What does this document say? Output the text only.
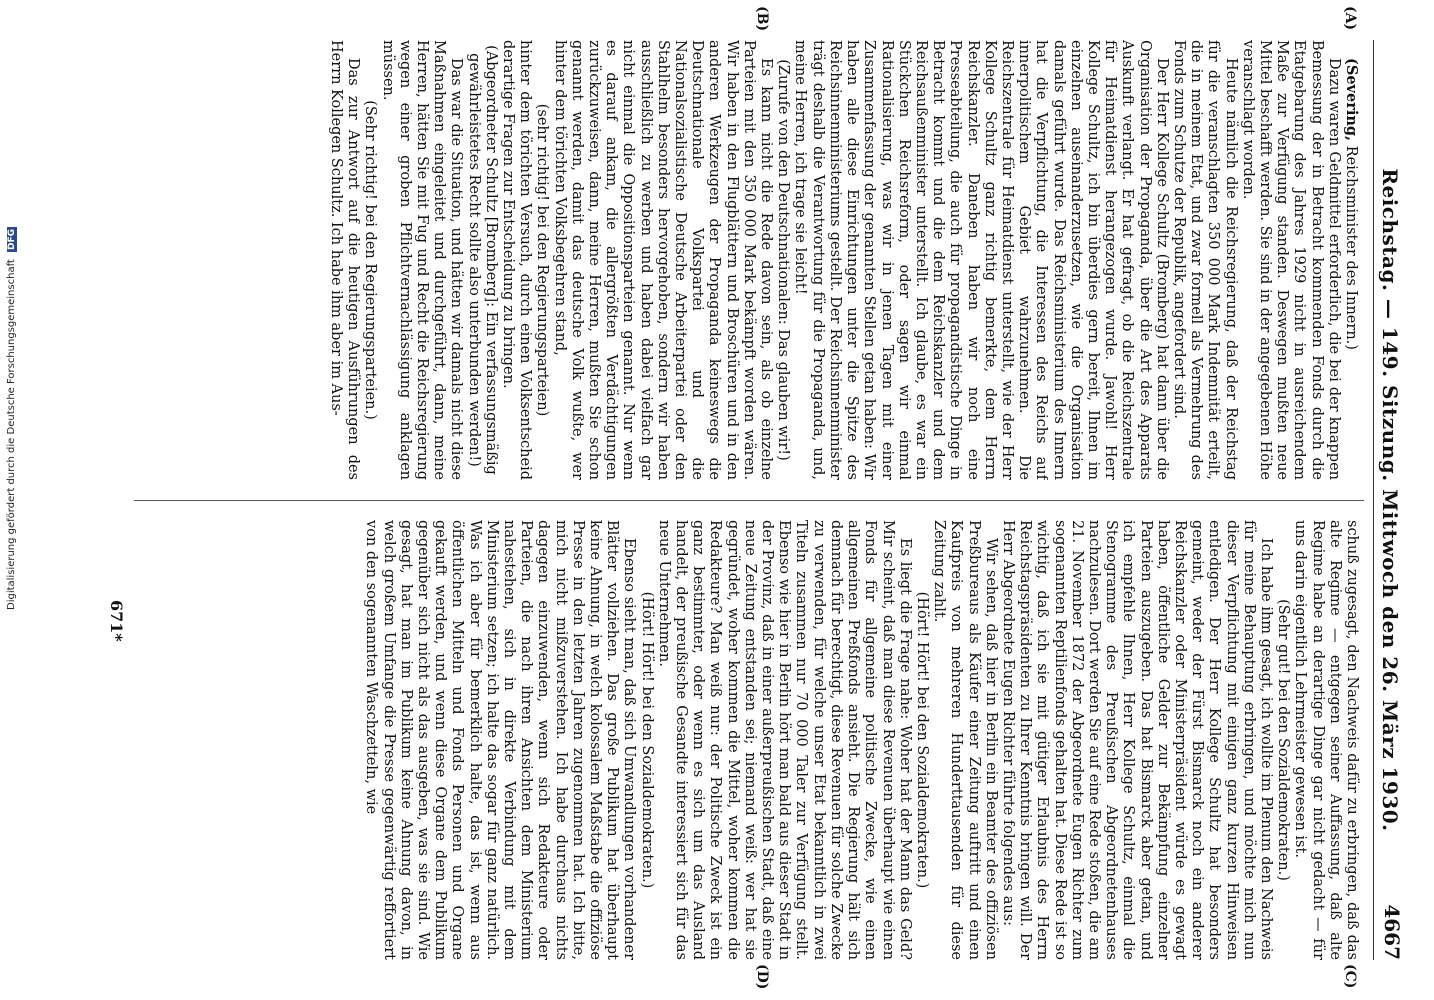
Reichstag. — 149. Sitzung. Mittwoch den 26. März 1930.
4667

(Severing, Reichsminister des Innern.)

Dazu waren Geldmittel erforderlich, die bei der knappen Bemessung der in Betracht kommenden Fonds durch die Etatgebarung des Jahres 1929 nicht in ausreichendem Maße zur Verfügung standen. Deswegen mußten neue Mittel beschafft werden. Sie sind in der angegebenen Höhe veranschlagt worden.

Heute nämlich die Reichsregierung, daß der Reichstag für die veranschlagten 350 000 Mark Indemnität erteilt, die in meinem Etat, und zwar formell als Vermehrung des Fonds zum Schutze der Republik, angefordert sind.

Der Herr Kollege Schultz (Bromberg) hat dann über die Organisation der Propaganda, über die Art des Apparats Auskunft verlangt. Er hat gefragt, ob die Reichszentrale für Heimatdienst herangezogen wurde. Jawohl! Herr Kollege Schultz, ich bin überdies gern bereit, Ihnen im einzelnen auseinanderzusetzen, wie die Organisation damals geführt wurde. Das Reichsministerium des Innern hat die Verpflichtung, die Interessen des Reichs auf innerpolitischem Gebiet wahrzunehmen. Die Reichszentrale für Heimatdienst unterstellt, wie der Herr Kollege Schultz ganz richtig bemerkte, dem Herrn Reichskanzler. Daneben haben wir noch eine Presseabteilung, die auch für propagandistische Dinge in Betracht kommt und die dem Reichskanzler und dem Reichsaußenminister unterstellt. Ich glaube, es war ein Stückchen Reichsreform, oder sagen wir einmal Rationalisierung, was wir in jenen Tagen mit einer Zusammenfassung der genannten Stellen getan haben: Wir haben alle diese Einrichtungen unter die Spitze des Reichsinnenministeriums gestellt. Der Reichsinnenminister trägt deshalb die Verantwortung für die Propaganda, und, meine Herren, ich trage sie leicht!

(Zurufe von den Deutschnationalen: Das glauben wir!)

Es kann nicht die Rede davon sein, als ob einzelne Parteien mit den 350 000 Mark bekämpft worden wären. Wir haben in den Flugblättern und Broschüren und in den anderen Werkzeugen der Propaganda keineswegs die Deutschnationale Volkspartei und die Nationalsozialistische Deutsche Arbeiterpartei oder den Stahlhelm besonders hervorgehoben, sondern wir haben ausschließlich zu werben und haben dabei vielfach gar nicht einmal die Oppositionsparteien genannt. Nur wenn es darauf ankam, die allergrößten Verdächtigungen zurückzuweisen, dann, meine Herren, mußten Sie schon genannt werden, damit das deutsche Volk wußte, wer hinter dem törichten Volksbegehren stand,

(sehr richtig! bei den Regierungsparteien)

hinter dem törichten Versuch, durch einen Volksentscheid derartige Fragen zur Entscheidung zu bringen.

(Abgeordneter Schultz [Bromberg]: Ein verfassungsmäßig gewährleistetes Recht sollte also unterbunden werden!)

Das war die Situation, und hätten wir damals nicht diese Maßnahmen eingeleitet und durchgeführt, dann, meine Herren, hätten Sie mit Fug und Recht die Reichsregierung wegen einer groben Pflichtvernachlässigung anklagen müssen.

(Sehr richtig! bei den Regierungsparteien.)

Das zur Antwort auf die heutigen Ausführungen des Herrn Kollegen Schultz. Ich habe ihm aber im Aus-

schuß zugesagt, den Nachweis dafür zu erbringen, daß das alte Regime — entgegen seiner Auffassung, daß alte Regime habe an derartige Dinge gar nicht gedacht — für uns darin eigentlich Lehrmeister gewesen ist.

(Sehr gut! bei den Sozialdemokraten.)

Ich habe ihm gesagt, ich wollte im Plenum den Nachweis für meine Behauptung erbringen, und möchte mich nun dieser Verpflichtung mit einigen ganz kurzen Hinweisen entledigen. Der Herr Kollege Schultz hat besonders gemeint, weder der Fürst Bismarck noch ein anderer Reichskanzler oder Ministerpräsident würde es gewagt haben, öffentliche Gelder zur Bekämpfung einzelner Parteien auszugeben. Das hat Bismarck aber getan, und ich empfehle Ihnen, Herr Kollege Schultz, einmal die Stenogramme des Preußischen Abgeordnetenhauses nachzulesen. Dort werden Sie auf eine Rede stoßen, die am 21. November 1872 der Abgeordnete Eugen Richter zum sogenannten Reptilienfonds gehalten hat. Diese Rede ist so wichtig, daß ich sie mit gütiger Erlaubnis des Herrn Reichstagspräsidenten zu Ihrer Kenntnis bringen will. Der Herr Abgeordnete Eugen Richter führte folgendes aus:

Wir sehen, daß hier in Berlin ein Beamter des offiziösen Preßbureaus als Käufer einer Zeitung auftritt und einen Kaufpreis von mehreren Hunderttausenden für diese Zeitung zahlt.

(Hört! Hört! bei den Sozialdemokraten.)

Es liegt die Frage nahe: Woher hat der Mann das Geld? Mir scheint, daß man diese Revenuen überhaupt wie einen Fonds für allgemeine politische Zwecke, wie einen allgemeinen Preßfonds ansieht. Die Regierung hält sich demnach für berechtigt, diese Revenuen für solche Zwecke zu verwenden, für welche unser Etat bekanntlich in zwei Titeln zusammen nur 70 000 Taler zur Verfügung stellt. Ebenso wie hier in Berlin hört man bald aus dieser Stadt in der Provinz, daß in einer außerpreußischen Stadt, daß eine neue Zeitung entstanden sei; niemand weiß: wer hat sie gegründet, woher kommen die Mittel, woher kommen die Redakteure? Man weiß nur: der Politische Zweck ist ein ganz bestimmter, oder wenn es sich um das Ausland handelt, der preußische Gesandte interessiert sich für das neue Unternehmen.

(Hört! Hört! bei den Sozialdemokraten.)

Ebenso sieht man, daß sich Umwandlungen vorhandener Blätter vollziehen. Das große Publikum hat überhaupt keine Ahnung, in welch kolossalem Maßstabe die offiziöse Presse in den letzten Jahren zugenommen hat. Ich bitte, mich nicht mißzuverstehen. Ich habe durchaus nichts dagegen einzuwenden, wenn sich Redakteure oder Parteien, die nach ihren Ansichten dem Ministerium nahestehen, sich in direkte Verbindung mit dem Ministerium setzen; ich halte das sogar für ganz natürlich. Was ich aber für bemerklich halte, das ist, wenn aus öffentlichen Mitteln und Fonds Personen und Organe gekauft werden, und wenn diese Organe dem Publikum gegenüber sich nicht als das ausgeben, was sie sind. Wie gesagt, hat man im Publikum keine Ahnung davon, in welch großem Umfange die Presse gegenwärtig reffortiert von den sogenannten Waschzetteln, wie

(A)
(B)
(C)
(D)
671*
Digitalisierung gefördert durch die Deutsche Forschungsgemeinschaft DFG
